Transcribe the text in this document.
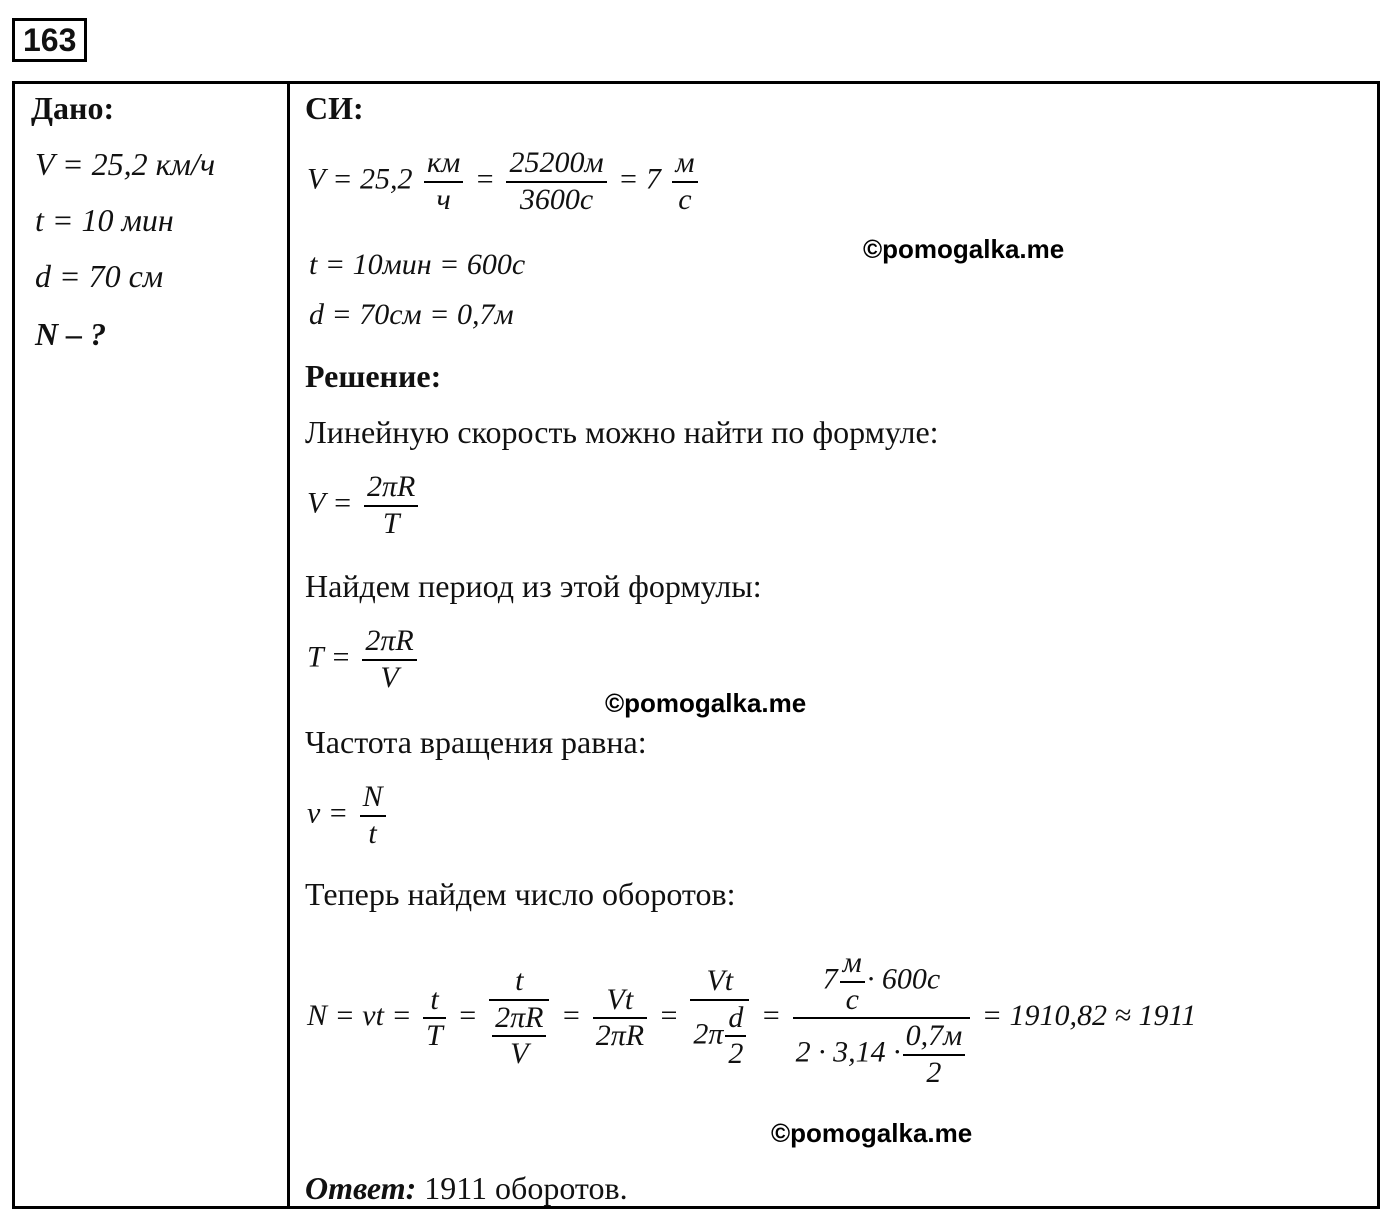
163
Дано:
V = 25,2 км/ч
t = 10 мин
d = 70 см
N – ?
СИ:
$V = 25,2 \frac{км}{ч} = \frac{25200м}{3600с} = 7 \frac{м}{с}$
t = 10мин = 600с
d = 70см = 0,7м
©pomogalka.me
Решение:
Линейную скорость можно найти по формуле:
$V = \frac{2\pi R}{T}$
Найдем период из этой формулы:
$T = \frac{2\pi R}{V}$
©pomogalka.me
Частота вращения равна:
$\nu = \frac{N}{t}$
Теперь найдем число оборотов:
$N = \nu t = \frac{t}{T} = \frac{t}{\frac{2\pi R}{V}} = \frac{Vt}{2\pi R} = \frac{Vt}{2\pi \frac{d}{2}} = \frac{7 \frac{м}{с} \cdot 600с}{2 \cdot 3,14 \cdot \frac{0,7м}{2}} = 1910,82 \approx 1911$
©pomogalka.me
Ответ: 1911 оборотов.
